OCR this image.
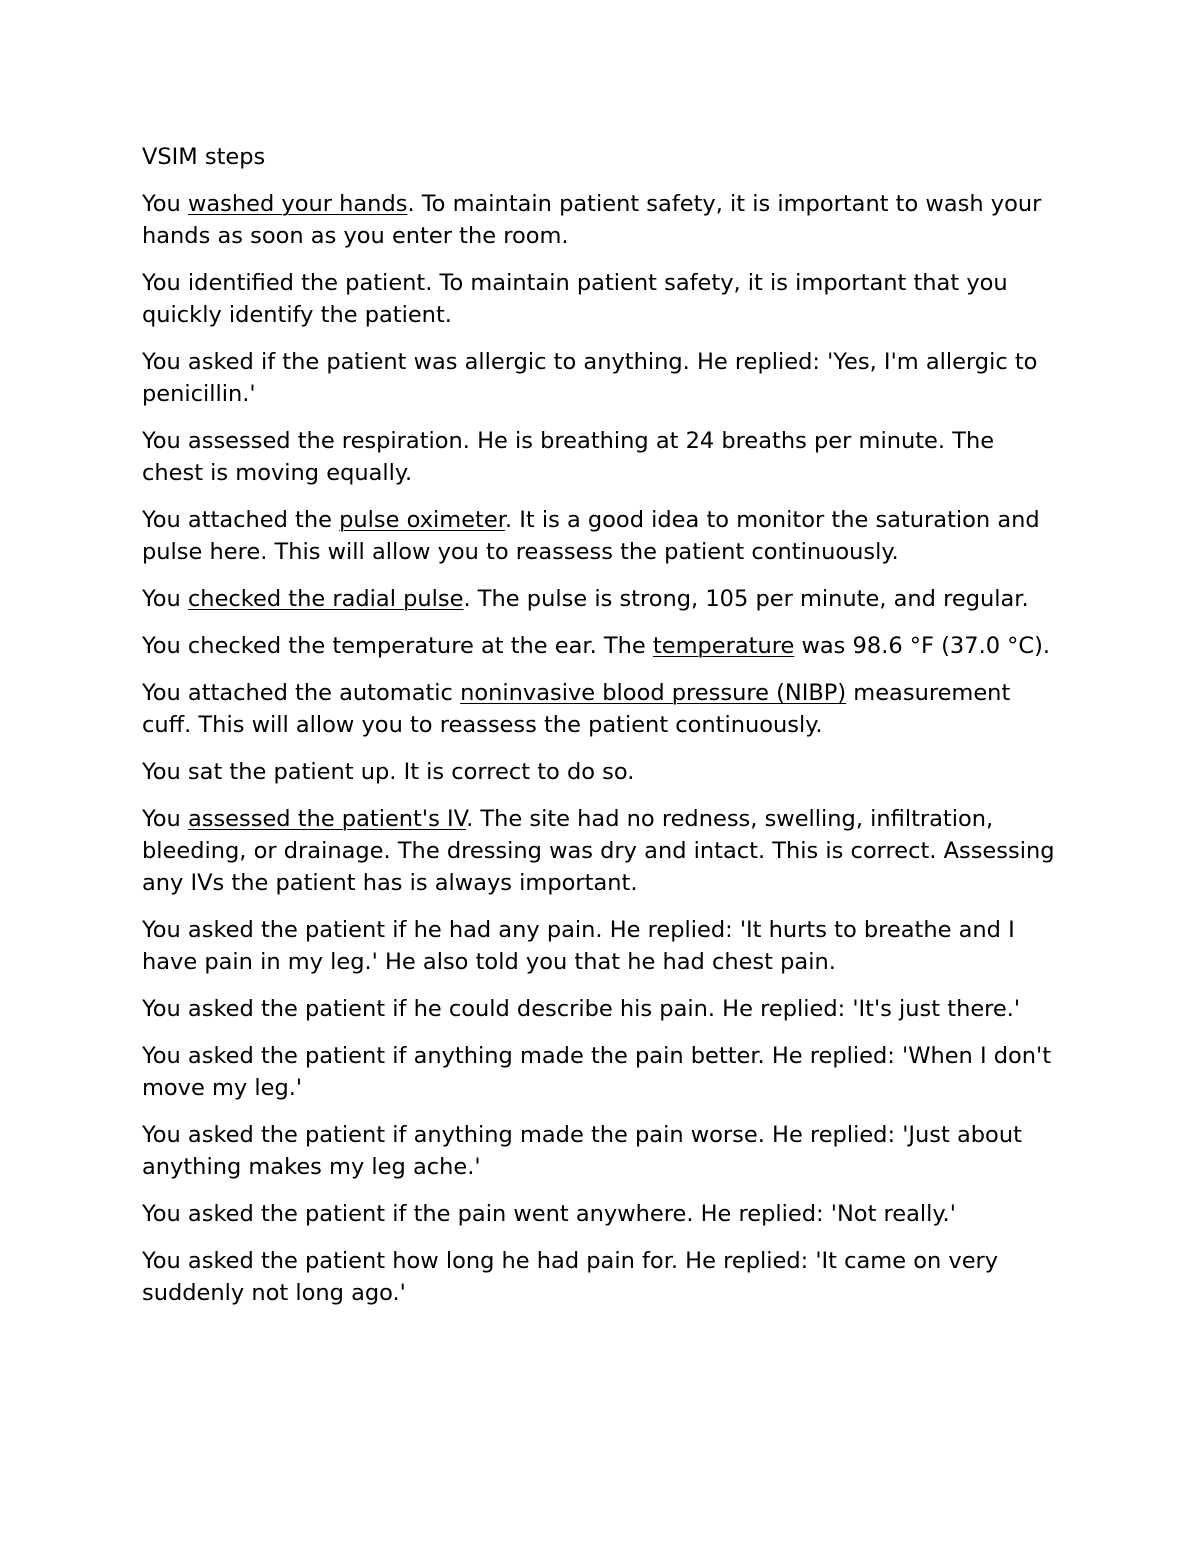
VSIM steps

You washed your hands. To maintain patient safety, it is important to wash your hands as soon as you enter the room.

You identified the patient. To maintain patient safety, it is important that you quickly identify the patient.

You asked if the patient was allergic to anything. He replied: 'Yes, I'm allergic to penicillin.'

You assessed the respiration. He is breathing at 24 breaths per minute. The chest is moving equally.

You attached the pulse oximeter. It is a good idea to monitor the saturation and pulse here. This will allow you to reassess the patient continuously.

You checked the radial pulse. The pulse is strong, 105 per minute, and regular.

You checked the temperature at the ear. The temperature was 98.6 °F (37.0 °C).

You attached the automatic noninvasive blood pressure (NIBP) measurement cuff. This will allow you to reassess the patient continuously.

You sat the patient up. It is correct to do so.

You assessed the patient's IV. The site had no redness, swelling, infiltration, bleeding, or drainage. The dressing was dry and intact. This is correct. Assessing any IVs the patient has is always important.

You asked the patient if he had any pain. He replied: 'It hurts to breathe and I have pain in my leg.' He also told you that he had chest pain.

You asked the patient if he could describe his pain. He replied: 'It's just there.'

You asked the patient if anything made the pain better. He replied: 'When I don't move my leg.'

You asked the patient if anything made the pain worse. He replied: 'Just about anything makes my leg ache.'

You asked the patient if the pain went anywhere. He replied: 'Not really.'

You asked the patient how long he had pain for. He replied: 'It came on very suddenly not long ago.'
